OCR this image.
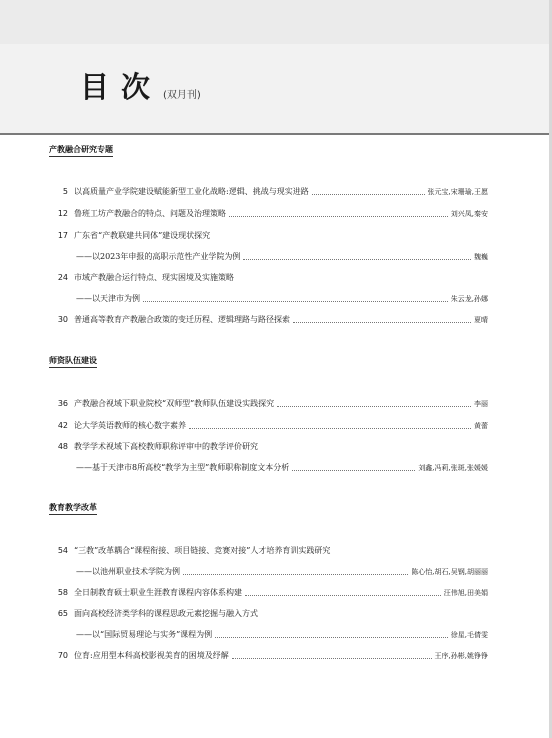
目次 (双月刊)
产教融合研究专题
5 以高质量产业学院建设赋能新型工业化战略:逻辑、挑战与现实进路	张元宝,宋珊瑜,王愿
12 鲁班工坊产教融合的特点、问题及治理策略	刘兴凤,秦安
17 广东省“产教联建共同体”建设现状探究
——以2023年申报的高职示范性产业学院为例	魏巍
24 市域产教融合运行特点、现实困境及实施策略
——以天津市为例	朱云龙,孙娜
30 普通高等教育产教融合政策的变迁历程、逻辑理路与路径探索	夏晴
师资队伍建设
36 产教融合视域下职业院校“双师型”教师队伍建设实践探究	李丽
42 论大学英语教师的核心数字素养	黄蕾
48 教学学术视域下高校教师职称评审中的教学评价研究
——基于天津市8所高校“教学为主型”教师职称制度文本分析	刘鑫,冯莉,张斑,张媛媛
教育教学改革
54 “三教”改革耦合“课程衔接、项目链接、竞赛对接”人才培养育训实践研究
——以池州职业技术学院为例	陈心怡,胡石,吴钢,胡丽丽
58 全日制教育硕士职业生涯教育课程内容体系构建	汪伟旭,田美娟
65 面向高校经济类学科的课程思政元素挖掘与融入方式
——以“国际贸易理论与实务”课程为例	徐星,毛倩雯
70 位育:应用型本科高校影视美育的困境及纾解	王序,孙彬,姚铮铮
